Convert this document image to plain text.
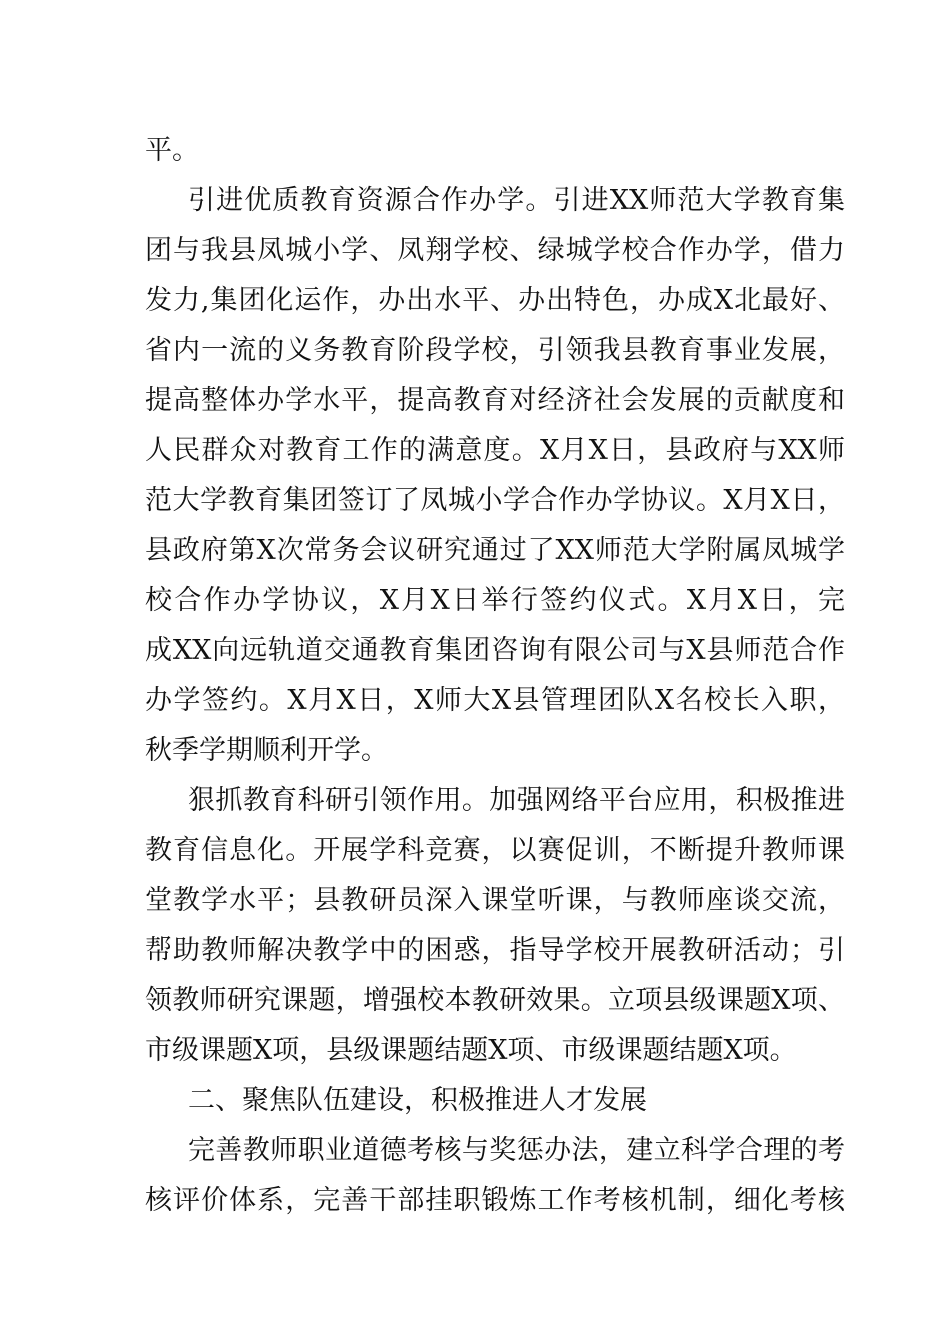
平。
引进优质教育资源合作办学。引进XX师范大学教育集
团与我县凤城小学、凤翔学校、绿城学校合作办学，借力
发力,集团化运作，办出水平、办出特色，办成X北最好、
省内一流的义务教育阶段学校，引领我县教育事业发展，
提高整体办学水平，提高教育对经济社会发展的贡献度和
人民群众对教育工作的满意度。X月X日，县政府与XX师
范大学教育集团签订了凤城小学合作办学协议。X月X日，
县政府第X次常务会议研究通过了XX师范大学附属凤城学
校合作办学协议，X月X日举行签约仪式。X月X日，完
成XX向远轨道交通教育集团咨询有限公司与X县师范合作
办学签约。X月X日，X师大X县管理团队X名校长入职，
秋季学期顺利开学。
狠抓教育科研引领作用。加强网络平台应用，积极推进
教育信息化。开展学科竞赛，以赛促训，不断提升教师课
堂教学水平；县教研员深入课堂听课，与教师座谈交流，
帮助教师解决教学中的困惑，指导学校开展教研活动；引
领教师研究课题，增强校本教研效果。立项县级课题X项、
市级课题X项，县级课题结题X项、市级课题结题X项。
二、聚焦队伍建设，积极推进人才发展
完善教师职业道德考核与奖惩办法，建立科学合理的考
核评价体系，完善干部挂职锻炼工作考核机制，细化考核
